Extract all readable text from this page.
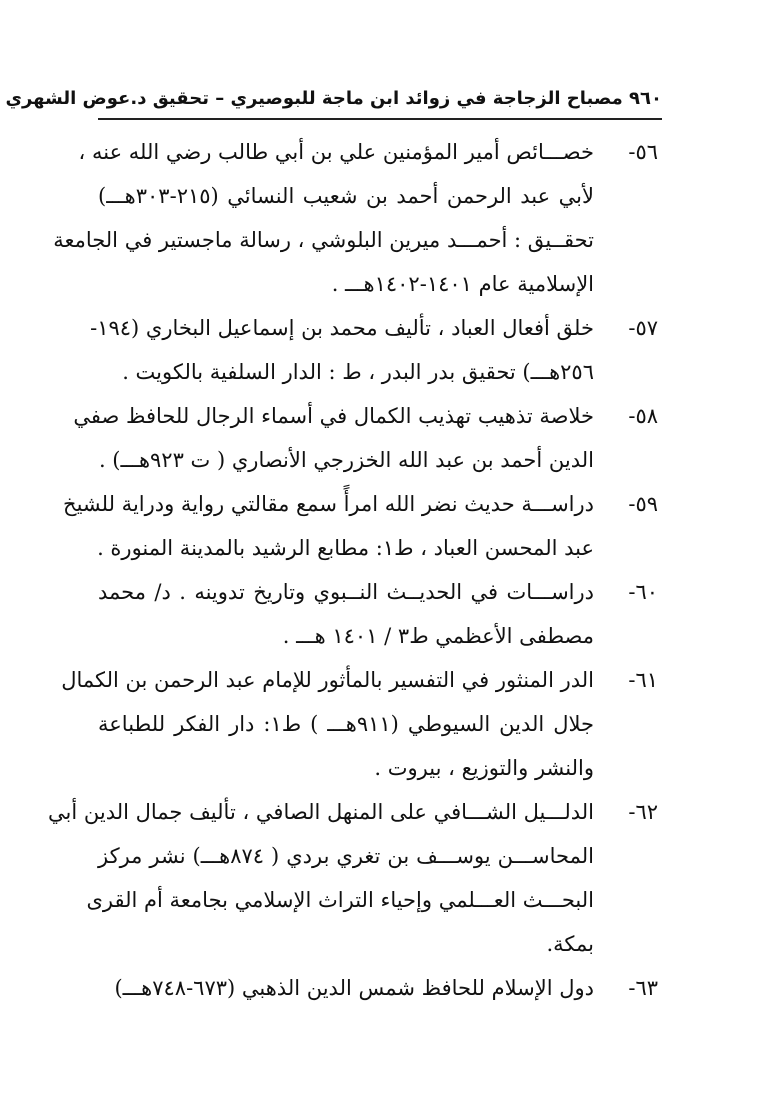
٩٦٠ مصباح الزجاجة في زوائد ابن ماجة للبوصيري – تحقيق د.عوض الشهري
٥٦-
خصـــائص أمير المؤمنين علي بن أبي طالب رضي الله عنه ،
لأبي عبد الرحمن أحمد بن شعيب النسائي (٢١٥-٣٠٣هـــ)
تحقــيق : أحمـــد ميرين البلوشي ، رسالة ماجستير في الجامعة
الإسلامية عام ١٤٠١-١٤٠٢هـــ .
٥٧-
خلق أفعال العباد ، تأليف محمد بن إسماعيل البخاري (١٩٤-
٢٥٦هـــ) تحقيق بدر البدر ، ط : الدار السلفية بالكويت .
٥٨-
خلاصة تذهيب تهذيب الكمال في أسماء الرجال للحافظ صفي
الدين أحمد بن عبد الله الخزرجي الأنصاري ( ت ٩٢٣هـــ) .
٥٩-
دراســـة حديث نضر الله امرأً سمع مقالتي رواية ودراية للشيخ
عبد المحسن العباد ، ط١: مطابع الرشيد بالمدينة المنورة .
٦٠-
دراســـات في الحديــث النــبوي وتاريخ تدوينه . د/ محمد
مصطفى الأعظمي ط٣ / ١٤٠١ هـــ .
٦١-
الدر المنثور في التفسير بالمأثور للإمام عبد الرحمن بن الكمال
جلال الدين السيوطي (٩١١هـــ ) ط١: دار الفكر للطباعة
والنشر والتوزيع ، بيروت .
٦٢-
الدلـــيل الشـــافي على المنهل الصافي ، تأليف جمال الدين أبي
المحاســـن يوســـف بن تغري بردي ( ٨٧٤هـــ) نشر مركز
البحـــث العـــلمي وإحياء التراث الإسلامي بجامعة أم القرى
بمكة.
٦٣-
دول الإسلام للحافظ شمس الدين الذهبي (٦٧٣-٧٤٨هـــ)
